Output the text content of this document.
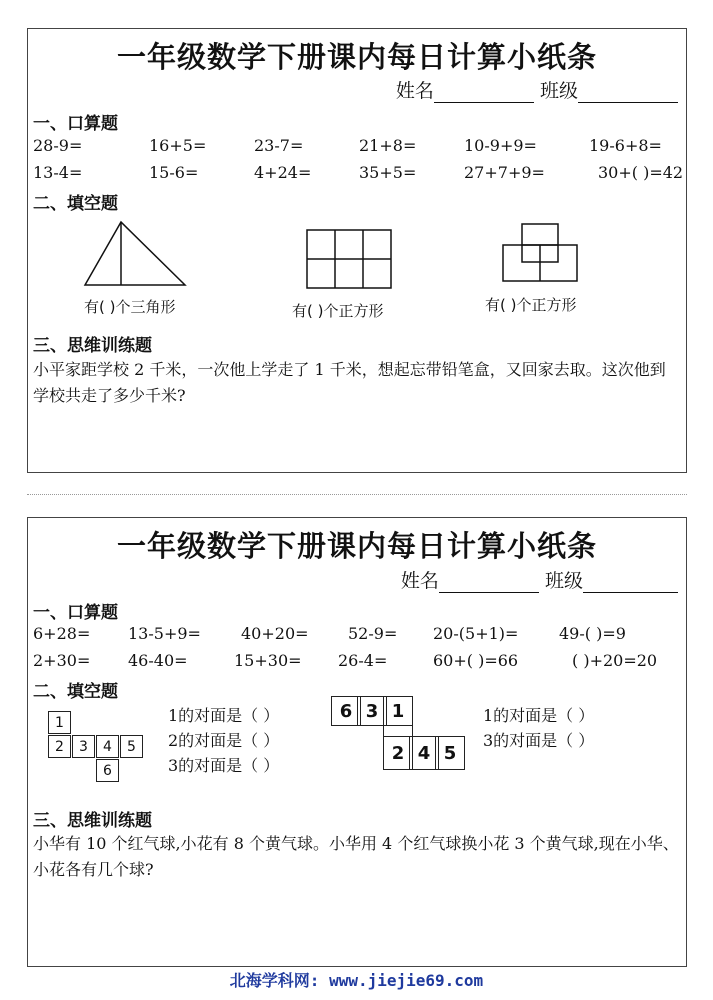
一年级数学下册课内每日计算小纸条
姓名	班级
一、口算题
28-9=	16+5=	23-7=	21+8=	10-9+9=	19-6+8=
13-4=	15-6=	4+24=	35+5=	27+7+9=	30+( )=42
二、填空题
有( )个三角形	有( )个正方形	有( )个正方形
三、思维训练题
小平家距学校 2 千米，一次他上学走了 1 千米，想起忘带铅笔盒，又回家去取。这次他到学校共走了多少千米?
一年级数学下册课内每日计算小纸条
姓名	班级
一、口算题
6+28= 13-5+9=	40+20= 52-9= 20-(5+1)=	49-( )=9
2+30= 46-40=	15+30= 26-4=	60+( )=66	( )+20=20
二、填空题
1
2	3	4	5
6
1的对面是（ ）
2的对面是（ ）
3的对面是（ ）
6 3 1
2 4 5
1的对面是（ ）
3的对面是（ ）
三、思维训练题
小华有 10 个红气球,小花有 8 个黄气球。小华用 4 个红气球换小花 3 个黄气球,现在小华、小花各有几个球?
北海学科网: www.jiejie69.com
